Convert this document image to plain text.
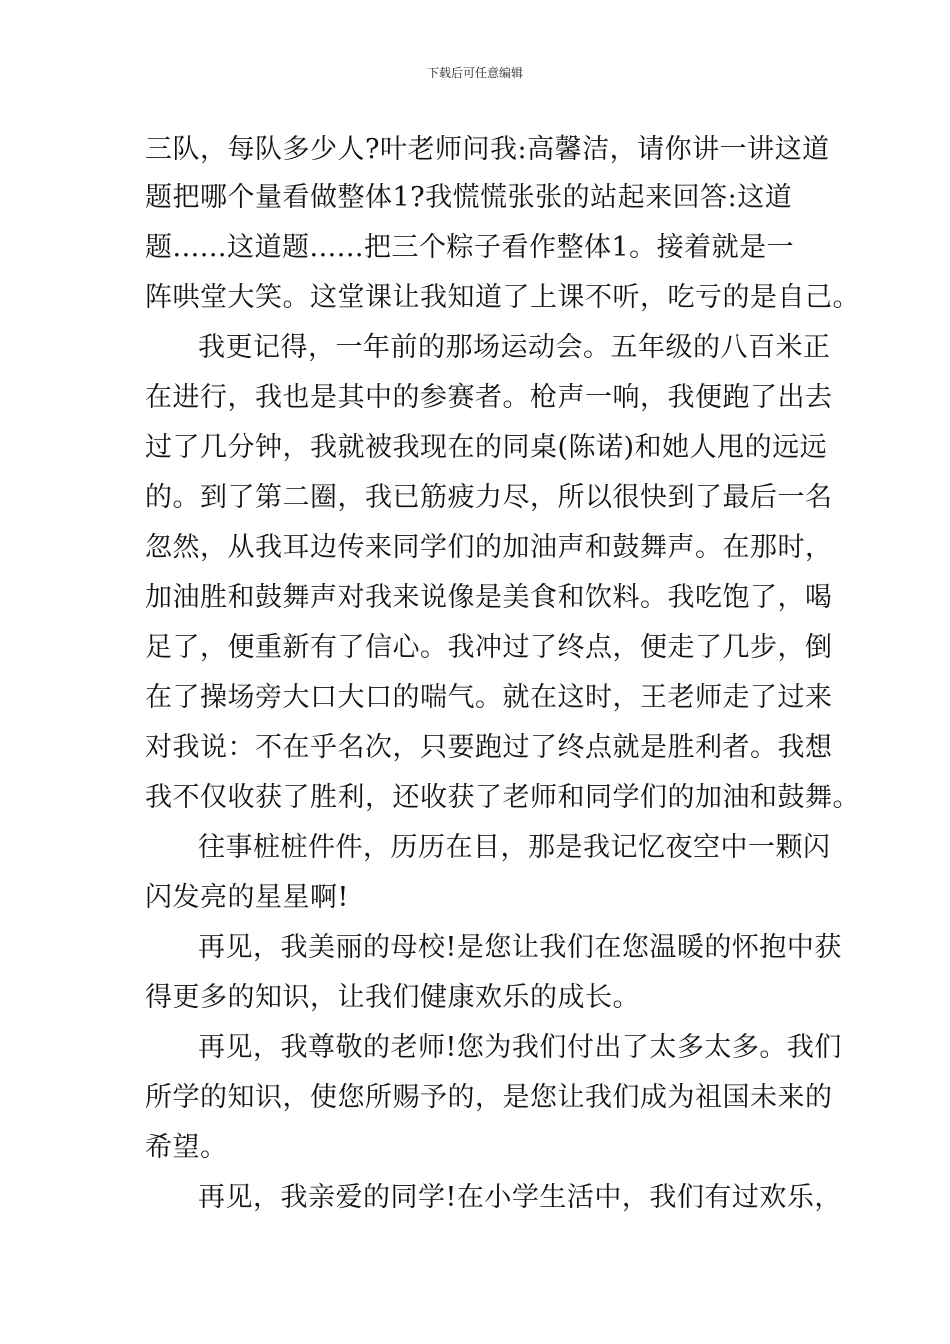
下载后可任意编辑
三队，每队多少人?叶老师问我:高馨洁，请你讲一讲这道
题把哪个量看做整体1?我慌慌张张的站起来回答:这道
题......这道题......把三个粽子看作整体1。接着就是一
阵哄堂大笑。这堂课让我知道了上课不听，吃亏的是自己。
我更记得，一年前的那场运动会。五年级的八百米正
在进行，我也是其中的参赛者。枪声一响，我便跑了出去
过了几分钟，我就被我现在的同桌(陈诺)和她人甩的远远
的。到了第二圈，我已筋疲力尽，所以很快到了最后一名
忽然，从我耳边传来同学们的加油声和鼓舞声。在那时，
加油胜和鼓舞声对我来说像是美食和饮料。我吃饱了，喝
足了，便重新有了信心。我冲过了终点，便走了几步，倒
在了操场旁大口大口的喘气。就在这时，王老师走了过来
对我说：不在乎名次，只要跑过了终点就是胜利者。我想
我不仅收获了胜利，还收获了老师和同学们的加油和鼓舞。
往事桩桩件件，历历在目，那是我记忆夜空中一颗闪
闪发亮的星星啊!
再见，我美丽的母校!是您让我们在您温暖的怀抱中获
得更多的知识，让我们健康欢乐的成长。
再见，我尊敬的老师!您为我们付出了太多太多。我们
所学的知识，使您所赐予的，是您让我们成为祖国未来的
希望。
再见，我亲爱的同学!在小学生活中，我们有过欢乐，
